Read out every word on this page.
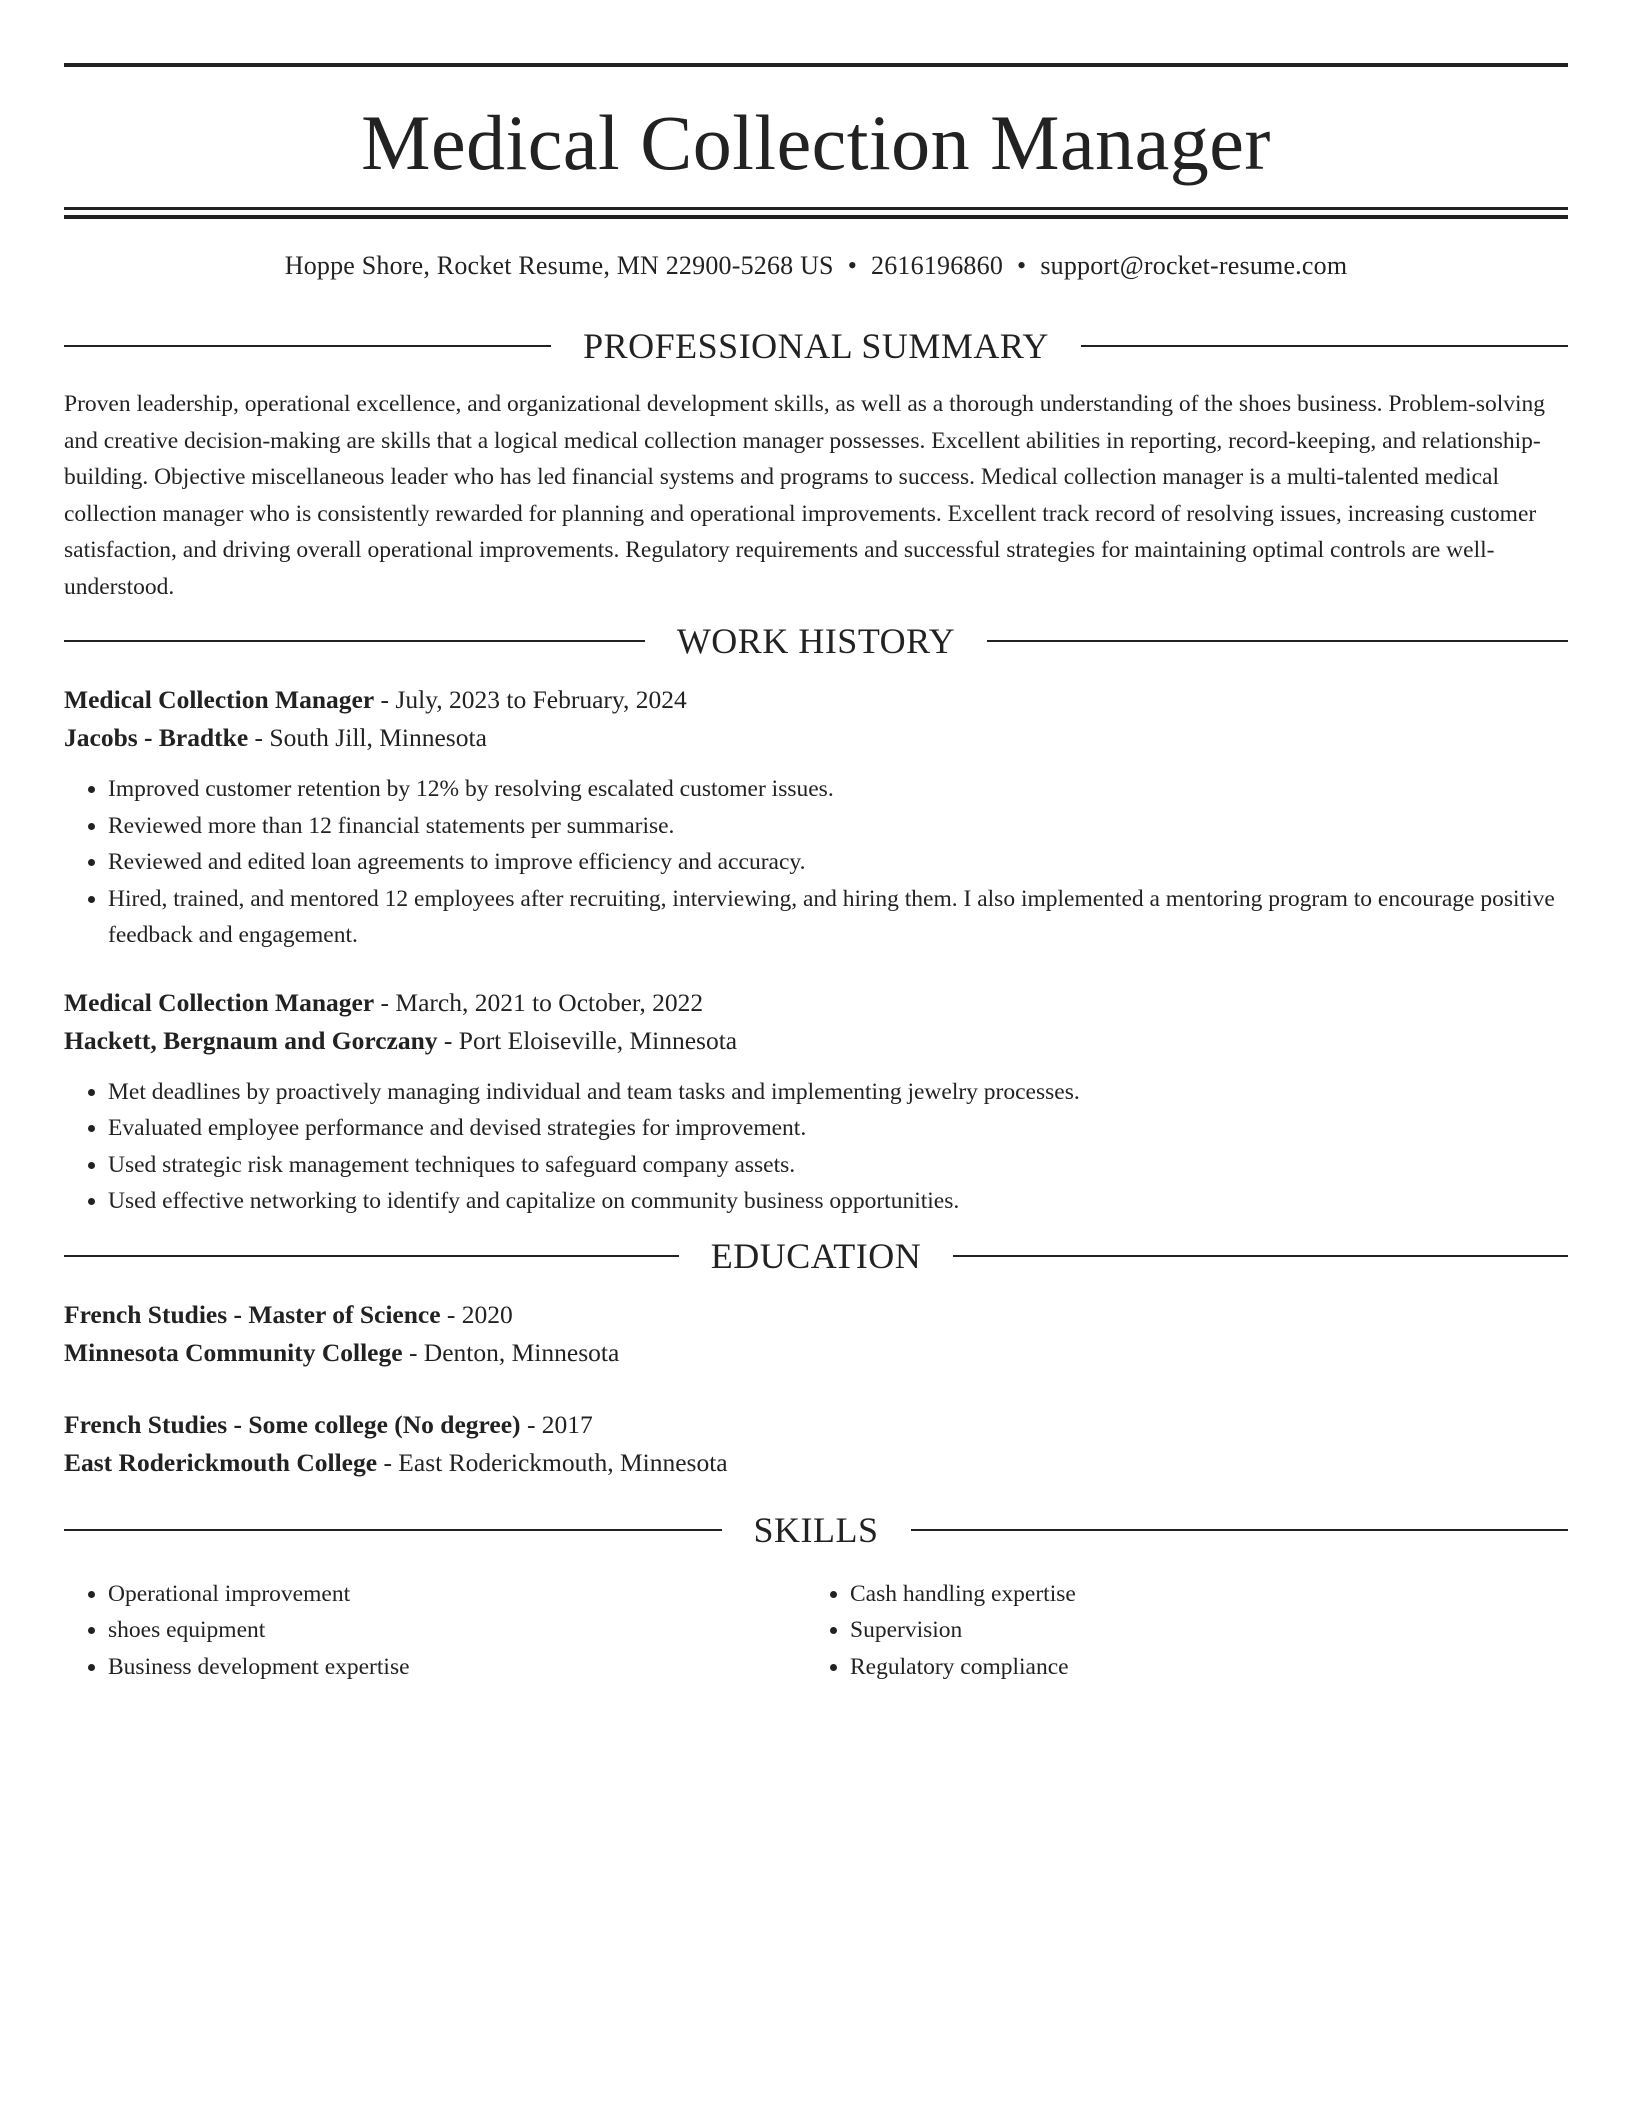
Medical Collection Manager
Hoppe Shore, Rocket Resume, MN 22900-5268 US • 2616196860 • support@rocket-resume.com
PROFESSIONAL SUMMARY
Proven leadership, operational excellence, and organizational development skills, as well as a thorough understanding of the shoes business. Problem-solving and creative decision-making are skills that a logical medical collection manager possesses. Excellent abilities in reporting, record-keeping, and relationship-building. Objective miscellaneous leader who has led financial systems and programs to success. Medical collection manager is a multi-talented medical collection manager who is consistently rewarded for planning and operational improvements. Excellent track record of resolving issues, increasing customer satisfaction, and driving overall operational improvements. Regulatory requirements and successful strategies for maintaining optimal controls are well-understood.
WORK HISTORY
Medical Collection Manager - July, 2023 to February, 2024
Jacobs - Bradtke - South Jill, Minnesota
• Improved customer retention by 12% by resolving escalated customer issues.
• Reviewed more than 12 financial statements per summarise.
• Reviewed and edited loan agreements to improve efficiency and accuracy.
• Hired, trained, and mentored 12 employees after recruiting, interviewing, and hiring them. I also implemented a mentoring program to encourage positive feedback and engagement.
Medical Collection Manager - March, 2021 to October, 2022
Hackett, Bergnaum and Gorczany - Port Eloiseville, Minnesota
• Met deadlines by proactively managing individual and team tasks and implementing jewelry processes.
• Evaluated employee performance and devised strategies for improvement.
• Used strategic risk management techniques to safeguard company assets.
• Used effective networking to identify and capitalize on community business opportunities.
EDUCATION
French Studies - Master of Science - 2020
Minnesota Community College - Denton, Minnesota
French Studies - Some college (No degree) - 2017
East Roderickmouth College - East Roderickmouth, Minnesota
SKILLS
• Operational improvement
• shoes equipment
• Business development expertise
• Cash handling expertise
• Supervision
• Regulatory compliance
